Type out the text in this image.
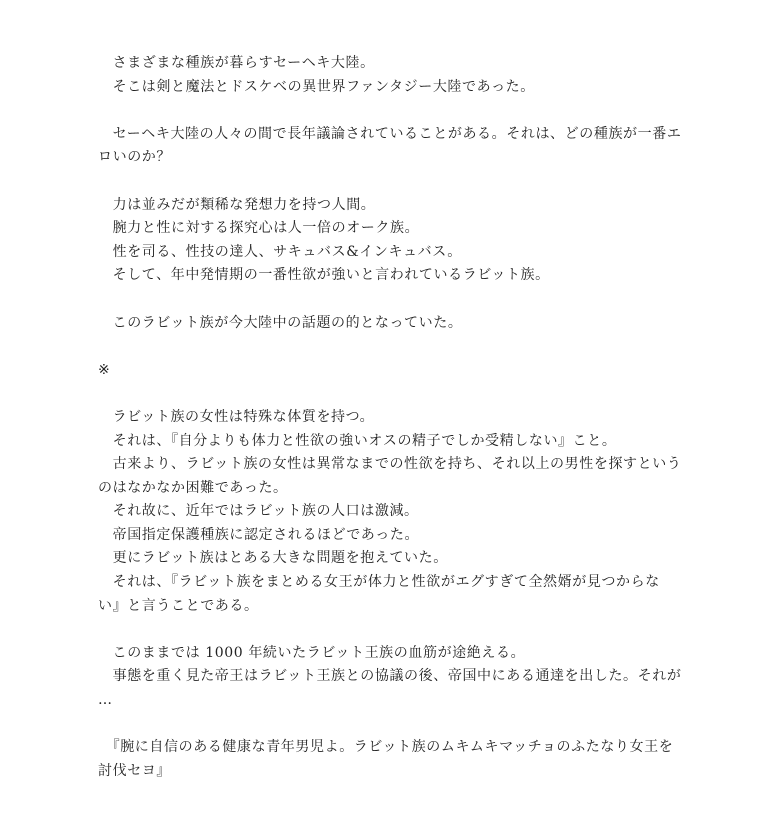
　さまざまな種族が暮らすセーヘキ大陸。
　そこは剣と魔法とドスケベの異世界ファンタジー大陸であった。
　セーヘキ大陸の人々の間で長年議論されていることがある。それは、どの種族が一番エ
ロいのか？
　力は並みだが類稀な発想力を持つ人間。
　腕力と性に対する探究心は人一倍のオーク族。
　性を司る、性技の達人、サキュバス&インキュバス。
　そして、年中発情期の一番性欲が強いと言われているラビット族。
　このラビット族が今大陸中の話題の的となっていた。
※
　ラビット族の女性は特殊な体質を持つ。
　それは、『自分よりも体力と性欲の強いオスの精子でしか受精しない』こと。
　古来より、ラビット族の女性は異常なまでの性欲を持ち、それ以上の男性を探すという
のはなかなか困難であった。
　それ故に、近年ではラビット族の人口は激減。
　帝国指定保護種族に認定されるほどであった。
　更にラビット族はとある大きな問題を抱えていた。
　それは、『ラビット族をまとめる女王が体力と性欲がエグすぎて全然婿が見つからな
い』と言うことである。
　このままでは 1000 年続いたラビット王族の血筋が途絶える。
　事態を重く見た帝王はラビット王族との協議の後、帝国中にある通達を出した。それが
…
　『腕に自信のある健康な青年男児よ。ラビット族のムキムキマッチョのふたなり女王を
討伐セヨ』
